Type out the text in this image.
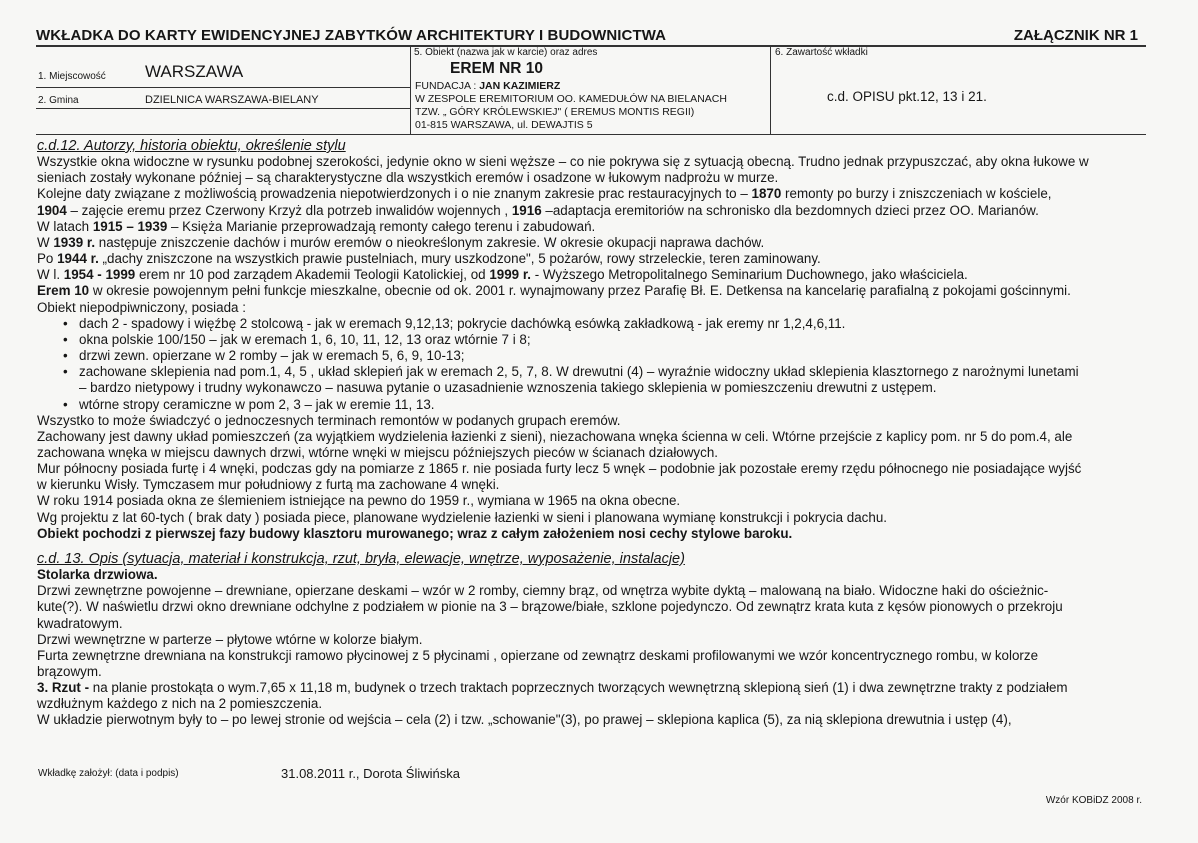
WKŁADKA DO KARTY EWIDENCYJNEJ ZABYTKÓW ARCHITEKTURY I BUDOWNICTWA	ZAŁĄCZNIK NR 1
1. Miejscowość WARSZAWA
2. Gmina	DZIELNICA WARSZAWA-BIELANY
5. Obiekt (nazwa jak w karcie) oraz adres
EREM NR 10
FUNDACJA : JAN KAZIMIERZ
W ZESPOLE EREMITORIUM OO. KAMEDUŁÓW NA BIELANACH
TZW. „ GÓRY KRÓLEWSKIEJ" ( EREMUS MONTIS REGII)
01-815 WARSZAWA, ul. DEWAJTIS 5
6. Zawartość wkładki
c.d. OPISU pkt.12, 13 i 21.
c.d.12. Autorzy, historia obiektu, określenie stylu
Wszystkie okna widoczne w rysunku podobnej szerokości, jedynie okno w sieni węższe – co nie pokrywa się z sytuacją obecną. Trudno jednak przypuszczać, aby okna łukowe w
sieniach zostały wykonane później – są charakterystyczne dla wszystkich eremów i osadzone w łukowym nadprożu w murze.
Kolejne daty związane z możliwością prowadzenia niepotwierdzonych i o nie znanym zakresie prac restauracyjnych to – 1870 remonty po burzy i zniszczeniach w kościele,
1904 – zajęcie eremu przez Czerwony Krzyż dla potrzeb inwalidów wojennych , 1916 –adaptacja eremitoriów na schronisko dla bezdomnych dzieci przez OO. Marianów.
W latach 1915 – 1939 – Księża Marianie przeprowadzają remonty całego terenu i zabudowań.
W 1939 r. następuje zniszczenie dachów i murów eremów o nieokreślonym zakresie. W okresie okupacji naprawa dachów.
Po 1944 r. „dachy zniszczone na wszystkich prawie pustelniach, mury uszkodzone", 5 pożarów, rowy strzeleckie, teren zaminowany.
W l. 1954 - 1999 erem nr 10 pod zarządem Akademii Teologii Katolickiej, od 1999 r. - Wyższego Metropolitalnego Seminarium Duchownego, jako właściciela.
Erem 10 w okresie powojennym pełni funkcje mieszkalne, obecnie od ok. 2001 r. wynajmowany przez Parafię Bł. E. Detkensa na kancelarię parafialną z pokojami gościnnymi.
Obiekt niepodpiwniczony, posiada :
• dach 2 - spadowy i więźbę 2 stolcową - jak w eremach 9,12,13; pokrycie dachówką esówką zakładkową - jak eremy nr 1,2,4,6,11.
• okna polskie 100/150 – jak w eremach 1, 6, 10, 11, 12, 13 oraz wtórnie 7 i 8;
• drzwi zewn. opierzane w 2 romby – jak w eremach 5, 6, 9, 10-13;
• zachowane sklepienia nad pom.1, 4, 5 , układ sklepień jak w eremach 2, 5, 7, 8. W drewutni (4) – wyraźnie widoczny układ sklepienia klasztornego z narożnymi lunetami
– bardzo nietypowy i trudny wykonawczo – nasuwa pytanie o uzasadnienie wznoszenia takiego sklepienia w pomieszczeniu drewutni z ustępem.
• wtórne stropy ceramiczne w pom 2, 3 – jak w eremie 11, 13.
Wszystko to może świadczyć o jednoczesnych terminach remontów w podanych grupach eremów.
Zachowany jest dawny układ pomieszczeń (za wyjątkiem wydzielenia łazienki z sieni), niezachowana wnęka ścienna w celi. Wtórne przejście z kaplicy pom. nr 5 do pom.4, ale
zachowana wnęka w miejscu dawnych drzwi, wtórne wnęki w miejscu późniejszych pieców w ścianach działowych.
Mur północny posiada furtę i 4 wnęki, podczas gdy na pomiarze z 1865 r. nie posiada furty lecz 5 wnęk – podobnie jak pozostałe eremy rzędu północnego nie posiadające wyjść
w kierunku Wisły. Tymczasem mur południowy z furtą ma zachowane 4 wnęki.
W roku 1914 posiada okna ze ślemieniem istniejące na pewno do 1959 r., wymiana w 1965 na okna obecne.
Wg projektu z lat 60-tych ( brak daty ) posiada piece, planowane wydzielenie łazienki w sieni i planowana wymianę konstrukcji i pokrycia dachu.
Obiekt pochodzi z pierwszej fazy budowy klasztoru murowanego; wraz z całym założeniem nosi cechy stylowe baroku.
c.d. 13. Opis (sytuacja, materiał i konstrukcja, rzut, bryła, elewacje, wnętrze, wyposażenie, instalacje)
Stolarka drzwiowa.
Drzwi zewnętrzne powojenne – drewniane, opierzane deskami – wzór w 2 romby, ciemny brąz, od wnętrza wybite dyktą – malowaną na biało. Widoczne haki do ościeżnic-
kute(?). W naświetlu drzwi okno drewniane odchylne z podziałem w pionie na 3 – brązowe/białe, szklone pojedynczo. Od zewnątrz krata kuta z kęsów pionowych o przekroju
kwadratowym.
Drzwi wewnętrzne w parterze – płytowe wtórne w kolorze białym.
Furta zewnętrzne drewniana na konstrukcji ramowo płycinowej z 5 płycinami , opierzane od zewnątrz deskami profilowanymi we wzór koncentrycznego rombu, w kolorze
brązowym.
3. Rzut - na planie prostokąta o wym.7,65 x 11,18 m, budynek o trzech traktach poprzecznych tworzących wewnętrzną sklepioną sień (1) i dwa zewnętrzne trakty z podziałem
wzdłużnym każdego z nich na 2 pomieszczenia.
W układzie pierwotnym były to – po lewej stronie od wejścia – cela (2) i tzw. „schowanie"(3), po prawej – sklepiona kaplica (5), za nią sklepiona drewutnia i ustęp (4),
Wkładkę założył: (data i podpis)	31.08.2011 r., Dorota Śliwińska
Wzór KOBiDZ 2008 r.
